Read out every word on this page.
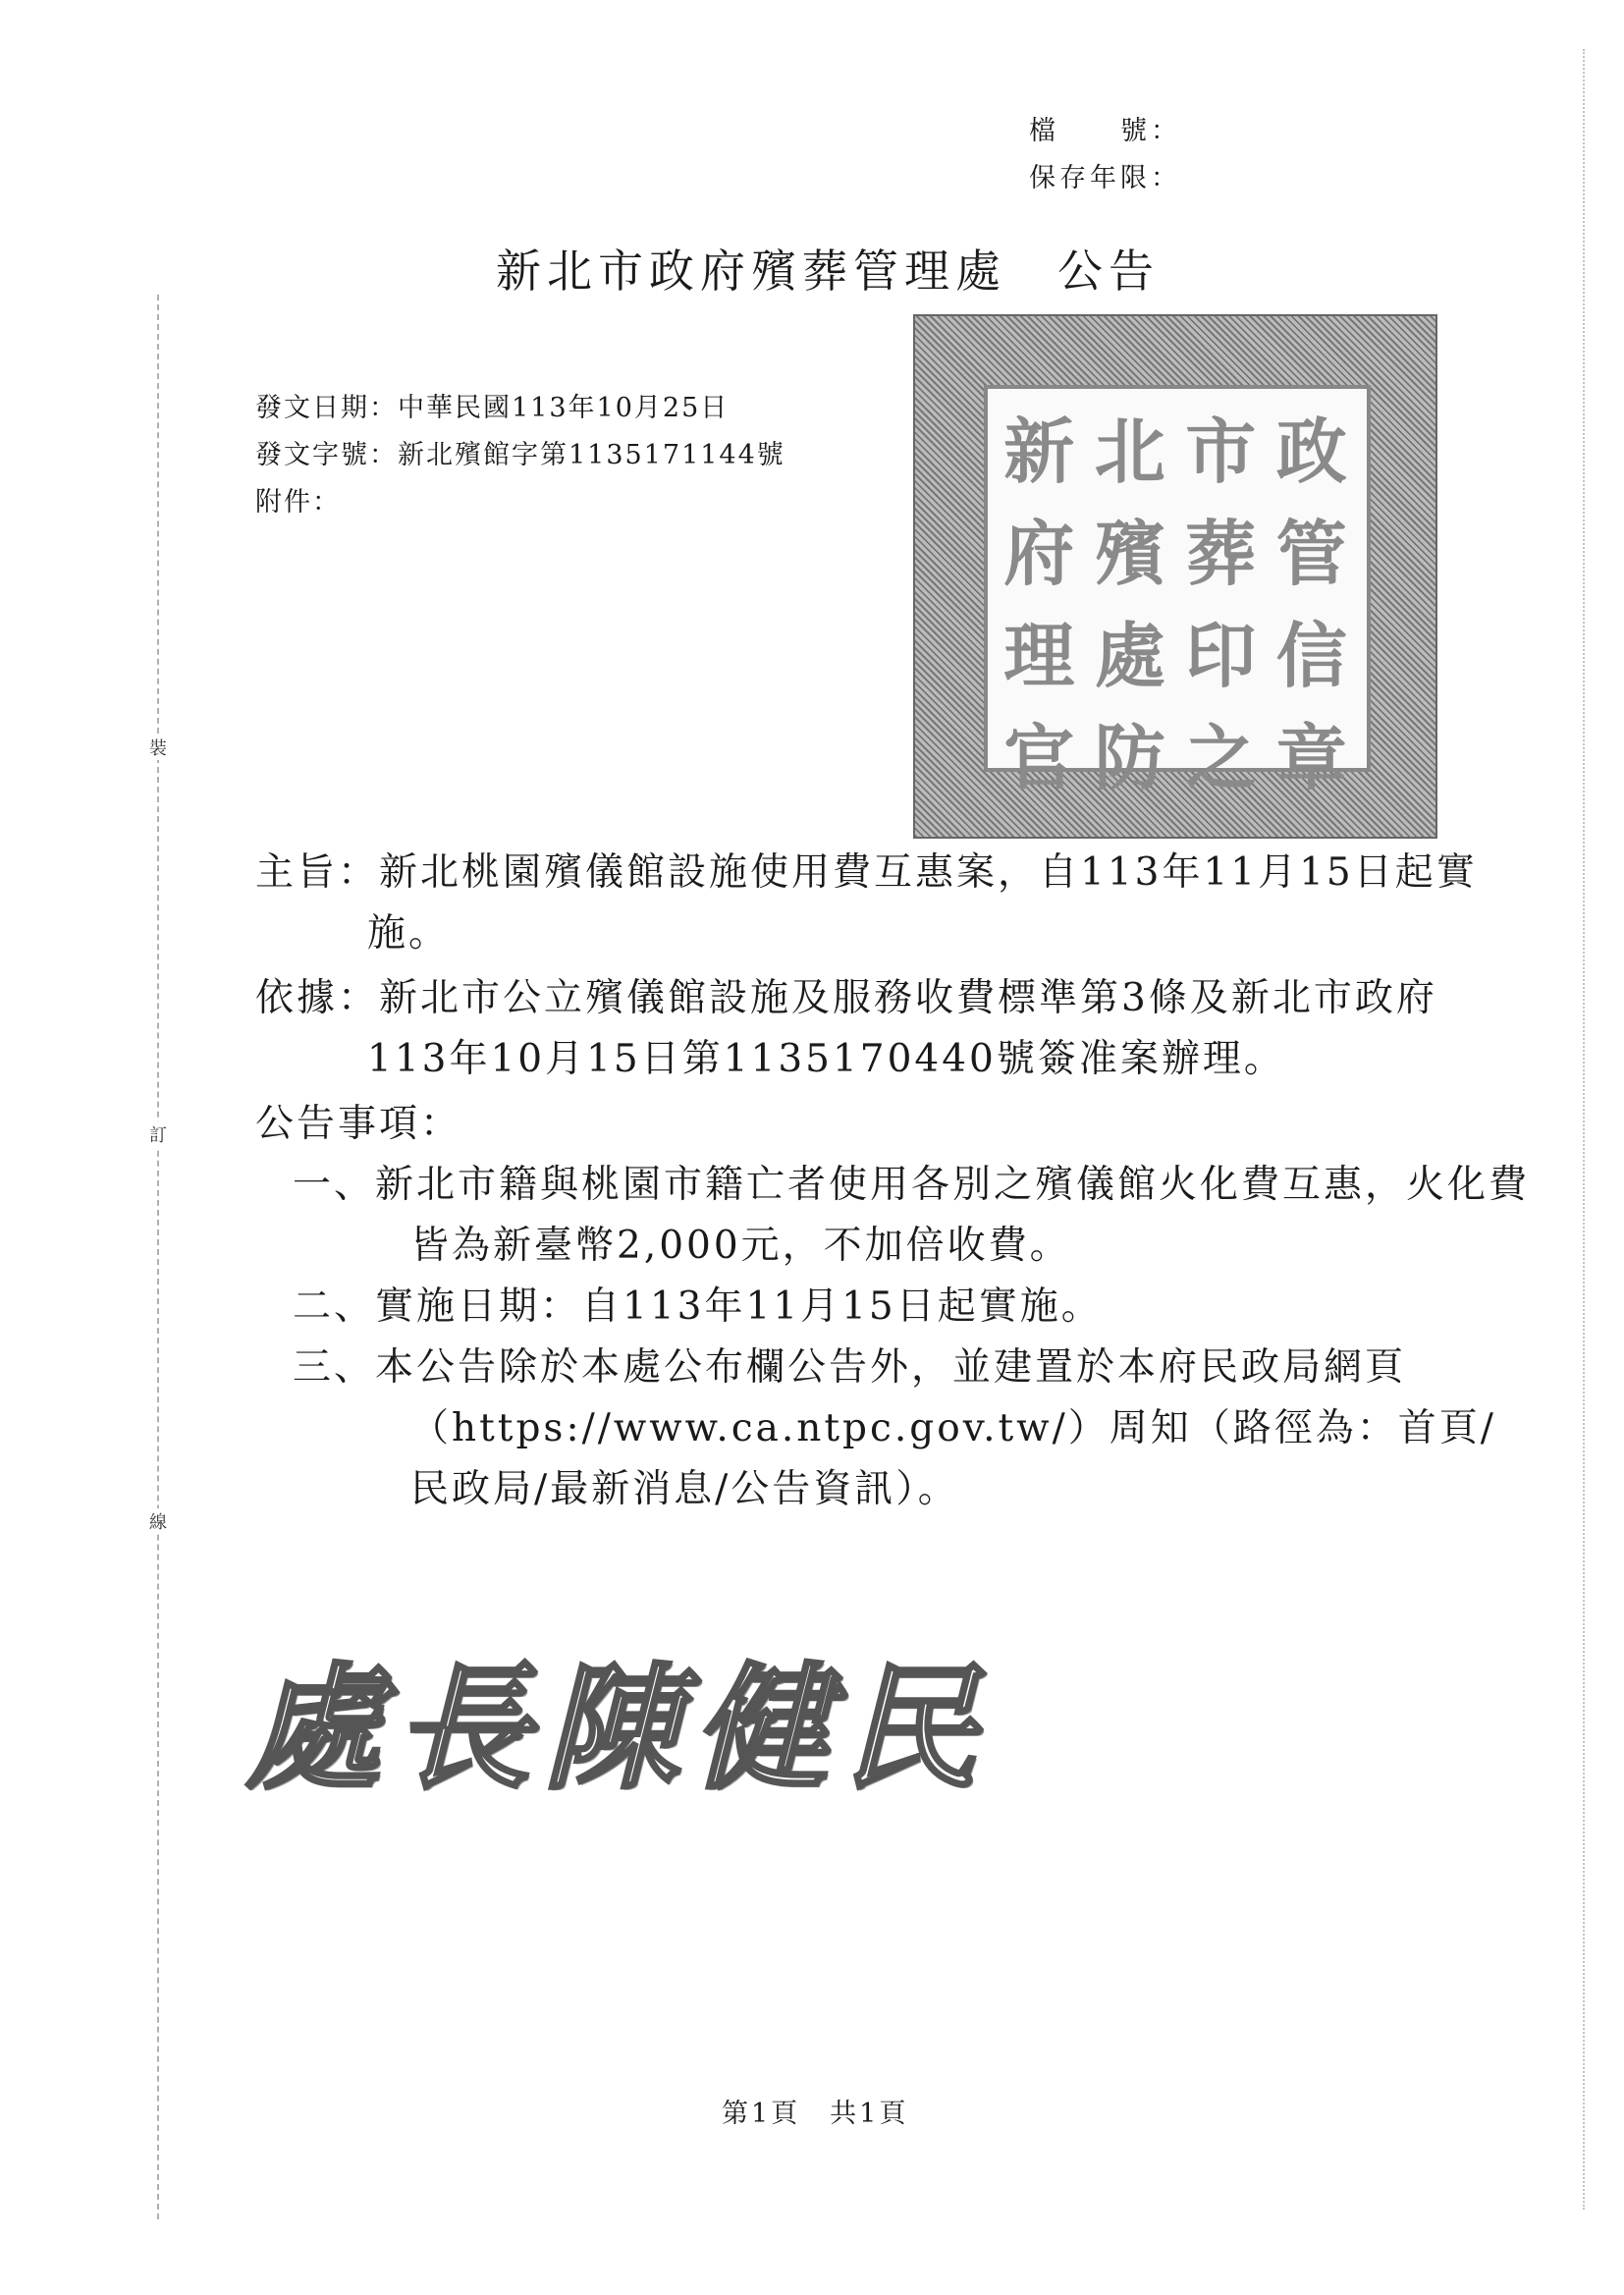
裝
訂
線
檔　　號：
保存年限：
新北市政府殯葬管理處　公告
發文日期：中華民國113年10月25日
發文字號：新北殯館字第1135171144號
附件：
新 北 市 政
府 殯 葬 管
理 處 印 信
官 防 之 章
主旨：新北桃園殯儀館設施使用費互惠案，自113年11月15日起實施。
依據：新北市公立殯儀館設施及服務收費標準第3條及新北市政府113年10月15日第1135170440號簽准案辦理。
公告事項：
一、新北市籍與桃園市籍亡者使用各別之殯儀館火化費互惠，火化費皆為新臺幣2,000元，不加倍收費。
二、實施日期：自113年11月15日起實施。
三、本公告除於本處公布欄公告外，並建置於本府民政局網頁（https://www.ca.ntpc.gov.tw/）周知（路徑為：首頁/民政局/最新消息/公告資訊）。
處長陳健民
第1頁　共1頁
